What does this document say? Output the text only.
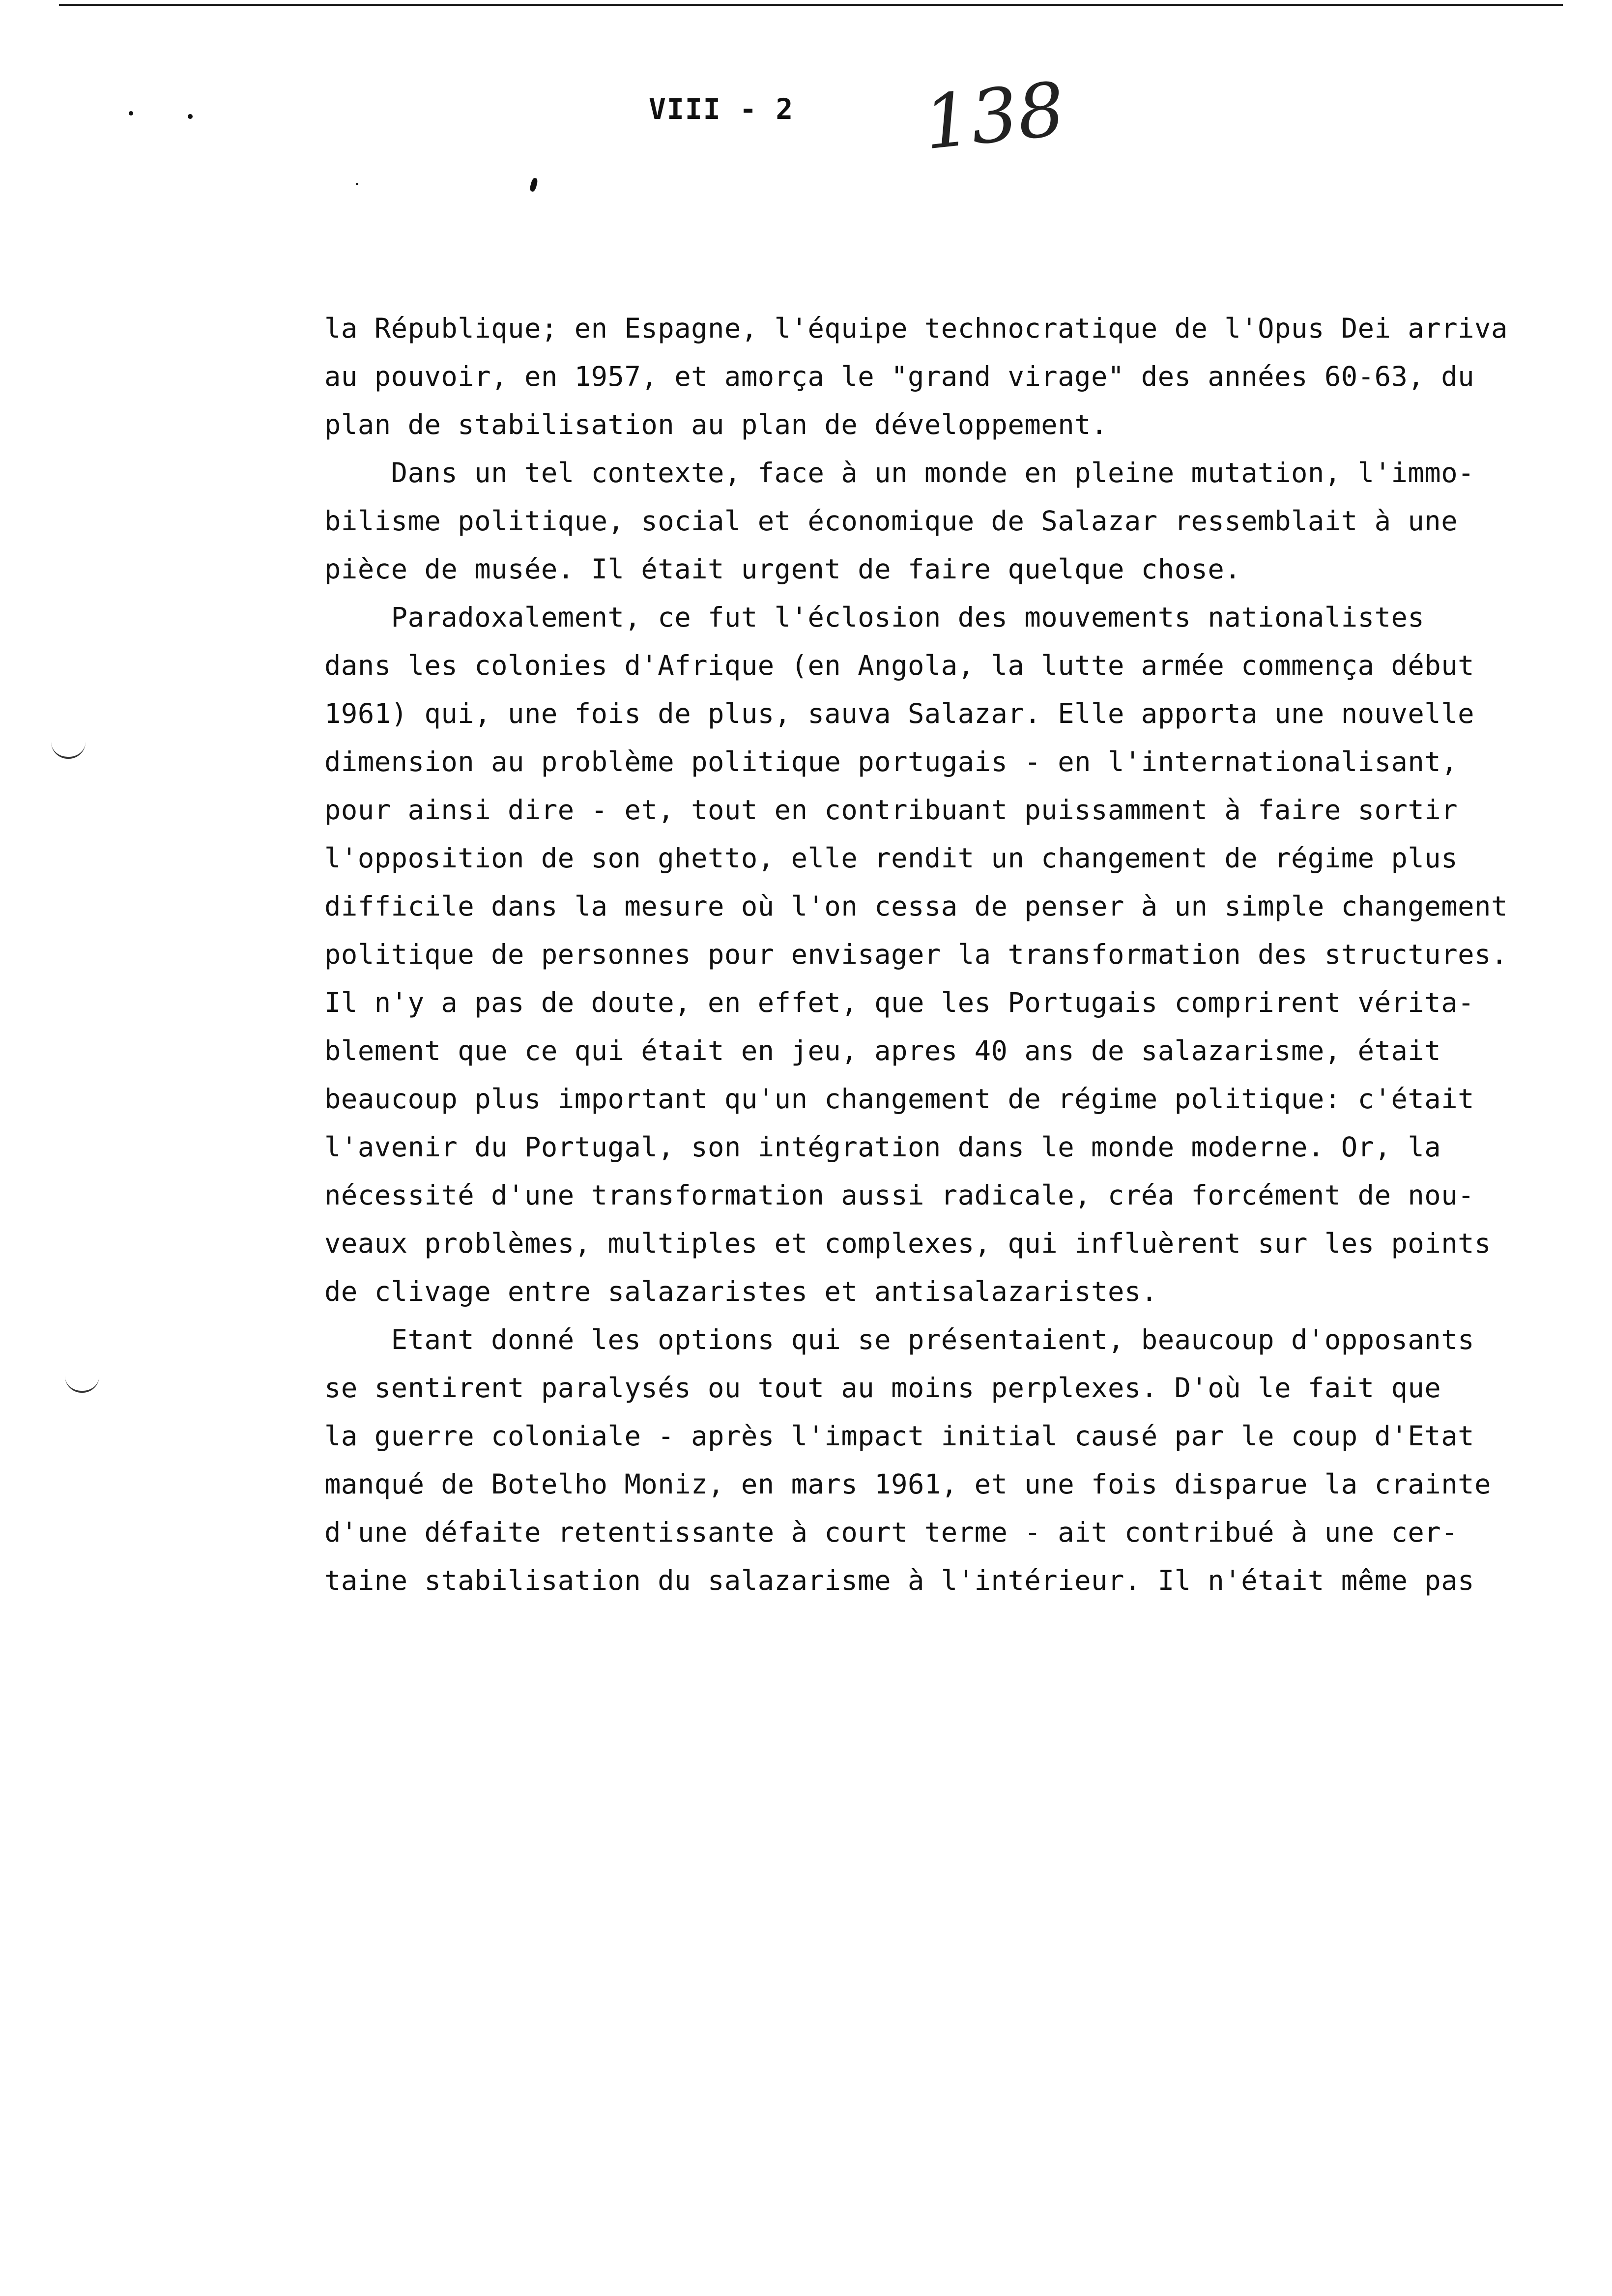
VIII - 2 138
la République; en Espagne, l'équipe technocratique de l'Opus Dei arriva
au pouvoir, en 1957, et amorça le "grand virage" des années 60-63, du
plan de stabilisation au plan de développement.
Dans un tel contexte, face à un monde en pleine mutation, l'immo-
bilisme politique, social et économique de Salazar ressemblait à une
pièce de musée. Il était urgent de faire quelque chose.
Paradoxalement, ce fut l'éclosion des mouvements nationalistes
dans les colonies d'Afrique (en Angola, la lutte armée commença début
1961) qui, une fois de plus, sauva Salazar. Elle apporta une nouvelle
dimension au problème politique portugais - en l'internationalisant,
pour ainsi dire - et, tout en contribuant puissamment à faire sortir
l'opposition de son ghetto, elle rendit un changement de régime plus
difficile dans la mesure où l'on cessa de penser à un simple changement
politique de personnes pour envisager la transformation des structures.
Il n'y a pas de doute, en effet, que les Portugais comprirent vérita-
blement que ce qui était en jeu, apres 40 ans de salazarisme, était
beaucoup plus important qu'un changement de régime politique: c'était
l'avenir du Portugal, son intégration dans le monde moderne. Or, la
nécessité d'une transformation aussi radicale, créa forcément de nou-
veaux problèmes, multiples et complexes, qui influèrent sur les points
de clivage entre salazaristes et antisalazaristes.
Etant donné les options qui se présentaient, beaucoup d'opposants
se sentirent paralysés ou tout au moins perplexes. D'où le fait que
la guerre coloniale - après l'impact initial causé par le coup d'Etat
manqué de Botelho Moniz, en mars 1961, et une fois disparue la crainte
d'une défaite retentissante à court terme - ait contribué à une cer-
taine stabilisation du salazarisme à l'intérieur. Il n'était même pas
